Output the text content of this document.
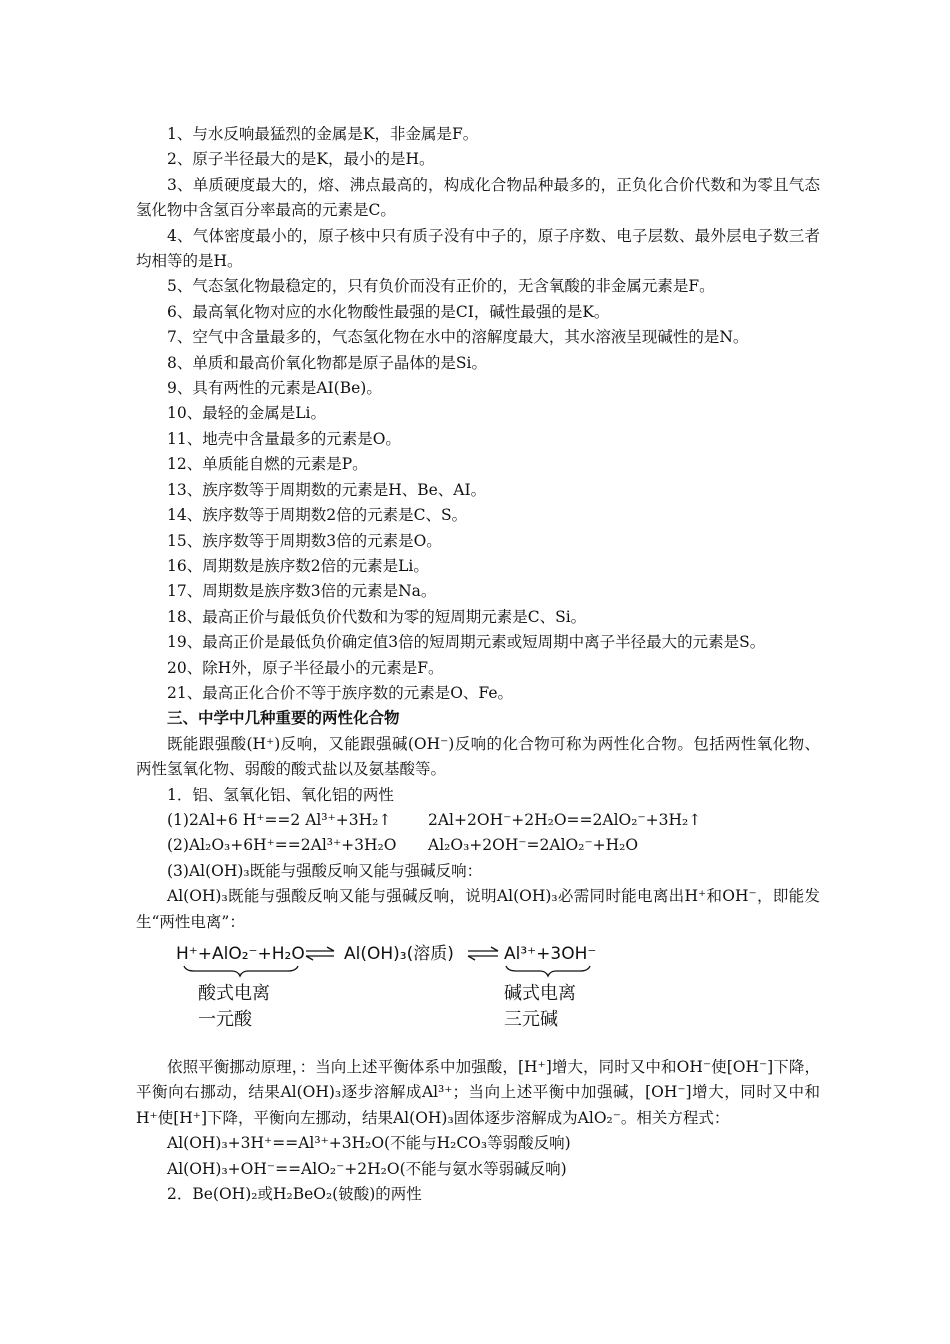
1、与水反响最猛烈的金属是K，非金属是F。

2、原子半径最大的是K，最小的是H。

3、单质硬度最大的，熔、沸点最高的，构成化合物品种最多的，正负化合价代数和为零且气态氢化物中含氢百分率最高的元素是C。

4、气体密度最小的，原子核中只有质子没有中子的，原子序数、电子层数、最外层电子数三者均相等的是H。

5、气态氢化物最稳定的，只有负价而没有正价的，无含氧酸的非金属元素是F。

6、最高氧化物对应的水化物酸性最强的是CI，碱性最强的是K。

7、空气中含量最多的，气态氢化物在水中的溶解度最大，其水溶液呈现碱性的是N。

8、单质和最高价氧化物都是原子晶体的是Si。

9、具有两性的元素是AI(Be)。

10、最轻的金属是Li。

11、地壳中含量最多的元素是O。

12、单质能自燃的元素是P。

13、族序数等于周期数的元素是H、Be、AI。

14、族序数等于周期数2倍的元素是C、S。

15、族序数等于周期数3倍的元素是O。

16、周期数是族序数2倍的元素是Li。

17、周期数是族序数3倍的元素是Na。

18、最高正价与最低负价代数和为零的短周期元素是C、Si。

19、最高正价是最低负价确定值3倍的短周期元素或短周期中离子半径最大的元素是S。

20、除H外，原子半径最小的元素是F。

21、最高正化合价不等于族序数的元素是O、Fe。

三、中学中几种重要的两性化合物

既能跟强酸(H⁺)反响，又能跟强碱(OH⁻)反响的化合物可称为两性化合物。包括两性氧化物、两性氢氧化物、弱酸的酸式盐以及氨基酸等。

1．铝、氢氧化铝、氧化铝的两性

(1)2Al+6 H⁺==2 Al³⁺+3H₂↑	2Al+2OH⁻+2H₂O==2AlO₂⁻+3H₂↑
(2)Al₂O₃+6H⁺==2Al³⁺+3H₂O	Al₂O₃+2OH⁻=2AlO₂⁻+H₂O

(3)Al(OH)₃既能与强酸反响又能与强碱反响：

Al(OH)₃既能与强酸反响又能与强碱反响，说明Al(OH)₃必需同时能电离出H⁺和OH⁻，即能发生“两性电离”：

H⁺+AlO₂⁻+H₂O Al(OH)₃(溶质)	Al³⁺+3OH⁻
酸式电离
一元酸
碱式电离
三元碱

依照平衡挪动原理，：当向上述平衡体系中加强酸，[H⁺]增大，同时又中和OH⁻使[OH⁻]下降，平衡向右挪动，结果Al(OH)₃逐步溶解成Al³⁺；当向上述平衡中加强碱，[OH⁻]增大，同时又中和H⁺使[H⁺]下降，平衡向左挪动，结果Al(OH)₃固体逐步溶解成为AlO₂⁻。相关方程式：

Al(OH)₃+3H⁺==Al³⁺+3H₂O(不能与H₂CO₃等弱酸反响)

Al(OH)₃+OH⁻==AlO₂⁻+2H₂O(不能与氨水等弱碱反响)

2．Be(OH)₂或H₂BeO₂(铍酸)的两性
